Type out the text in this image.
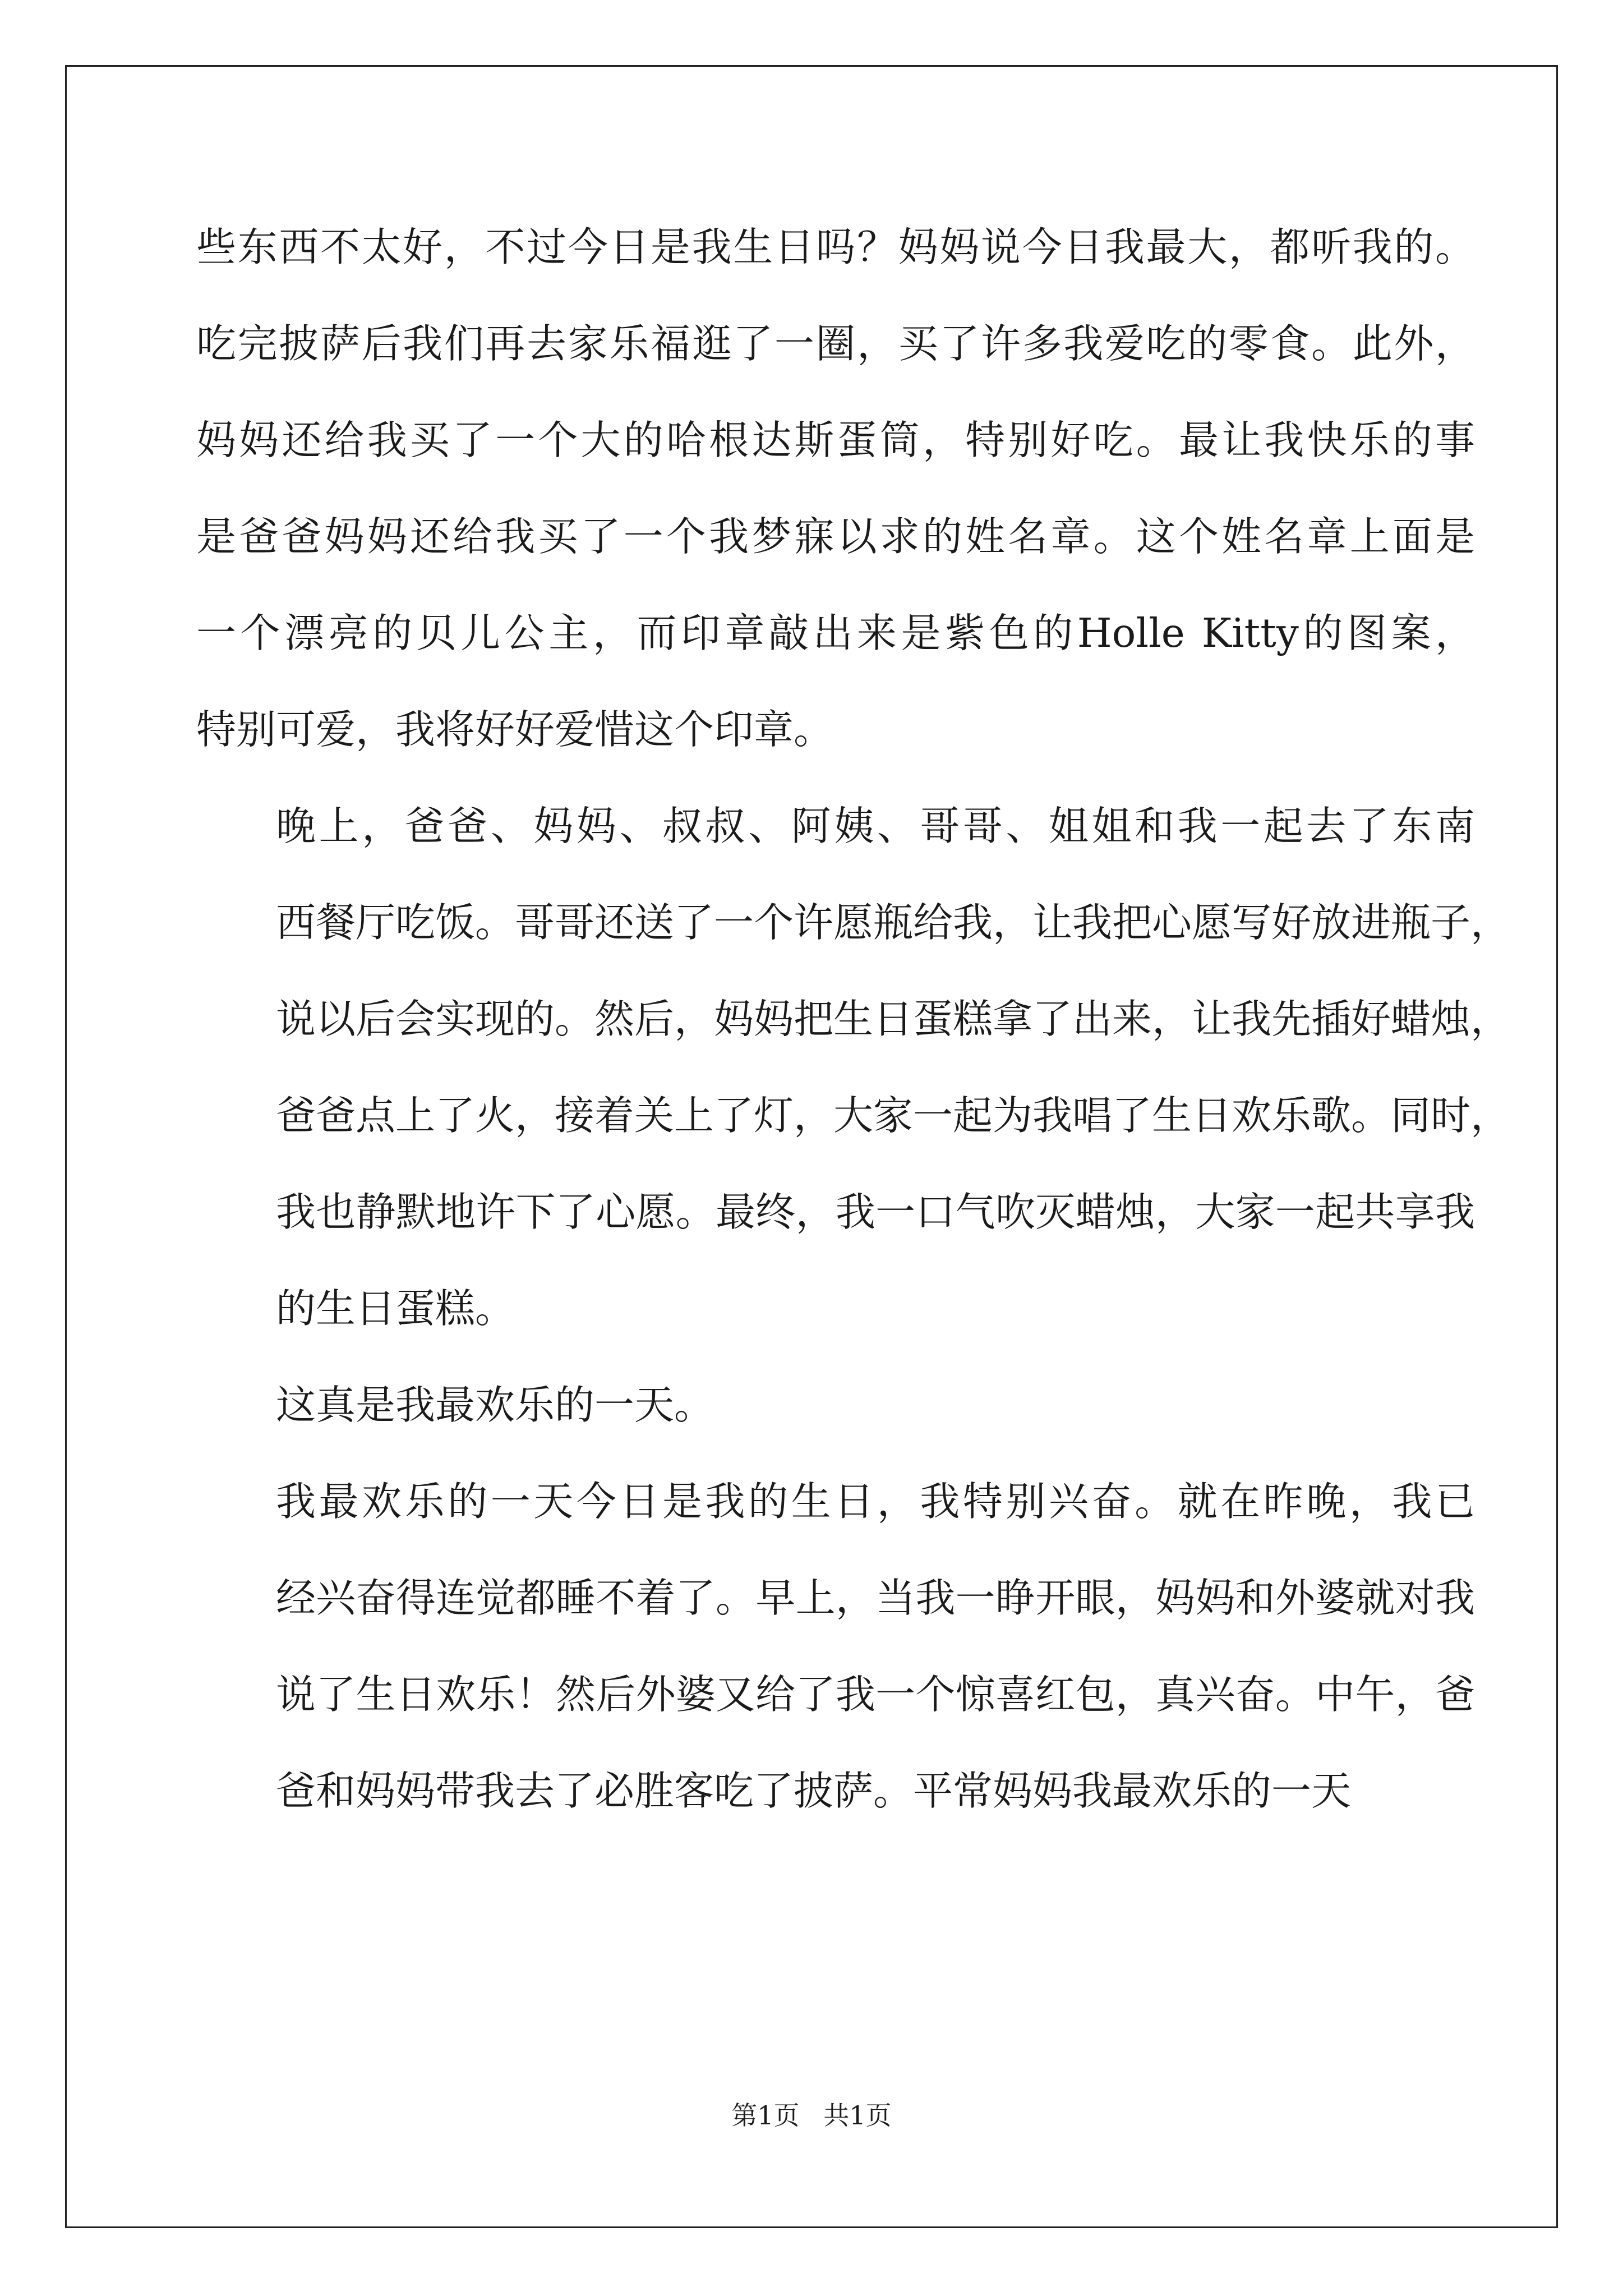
些东西不太好，不过今日是我生日吗？妈妈说今日我最大，都听我的。
吃完披萨后我们再去家乐福逛了一圈，买了许多我爱吃的零食。此外，
妈妈还给我买了一个大的哈根达斯蛋筒，特别好吃。最让我快乐的事
是爸爸妈妈还给我买了一个我梦寐以求的姓名章。这个姓名章上面是
一个漂亮的贝儿公主，而印章敲出来是紫色的Holle Kitty的图案，
特别可爱，我将好好爱惜这个印章。

晚上，爸爸、妈妈、叔叔、阿姨、哥哥、姐姐和我一起去了东南
西餐厅吃饭。哥哥还送了一个许愿瓶给我，让我把心愿写好放进瓶子，
说以后会实现的。然后，妈妈把生日蛋糕拿了出来，让我先插好蜡烛，
爸爸点上了火，接着关上了灯，大家一起为我唱了生日欢乐歌。同时，
我也静默地许下了心愿。最终，我一口气吹灭蜡烛，大家一起共享我
的生日蛋糕。

这真是我最欢乐的一天。

我最欢乐的一天今日是我的生日，我特别兴奋。就在昨晚，我已
经兴奋得连觉都睡不着了。早上，当我一睁开眼，妈妈和外婆就对我
说了生日欢乐！然后外婆又给了我一个惊喜红包，真兴奋。中午，爸
爸和妈妈带我去了必胜客吃了披萨。平常妈妈我最欢乐的一天

第1页 共1页
